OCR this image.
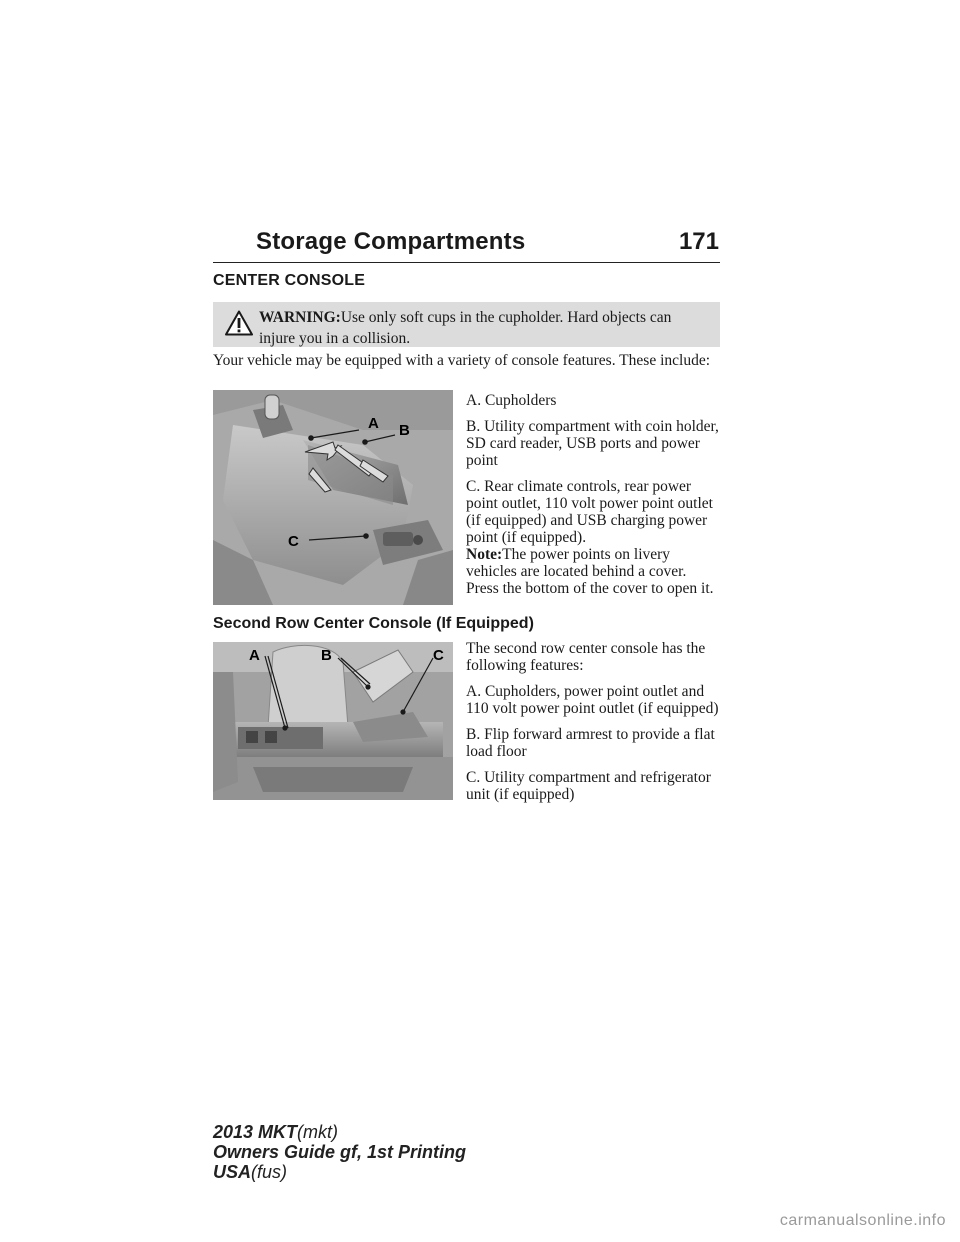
Storage Compartments	171
CENTER CONSOLE
WARNING:Use only soft cups in the cupholder. Hard objects can injure you in a collision.
Your vehicle may be equipped with a variety of console features. These include:
A B
C

A. Cupholders

B. Utility compartment with coin holder, SD card reader, USB ports and power point

C. Rear climate controls, rear power point outlet, 110 volt power point outlet (if equipped) and USB charging power point (if equipped).

Note:The power points on livery vehicles are located behind a cover. Press the bottom of the cover to open it.

Second Row Center Console (If Equipped)
A	B	C The second row center console has the following features:

A. Cupholders, power point outlet and 110 volt power point outlet (if equipped)

B. Flip forward armrest to provide a flat load floor

C. Utility compartment and refrigerator unit (if equipped)

2013 MKT(mkt)
Owners Guide gf, 1st Printing
USA(fus)
carmanualsonline.info
